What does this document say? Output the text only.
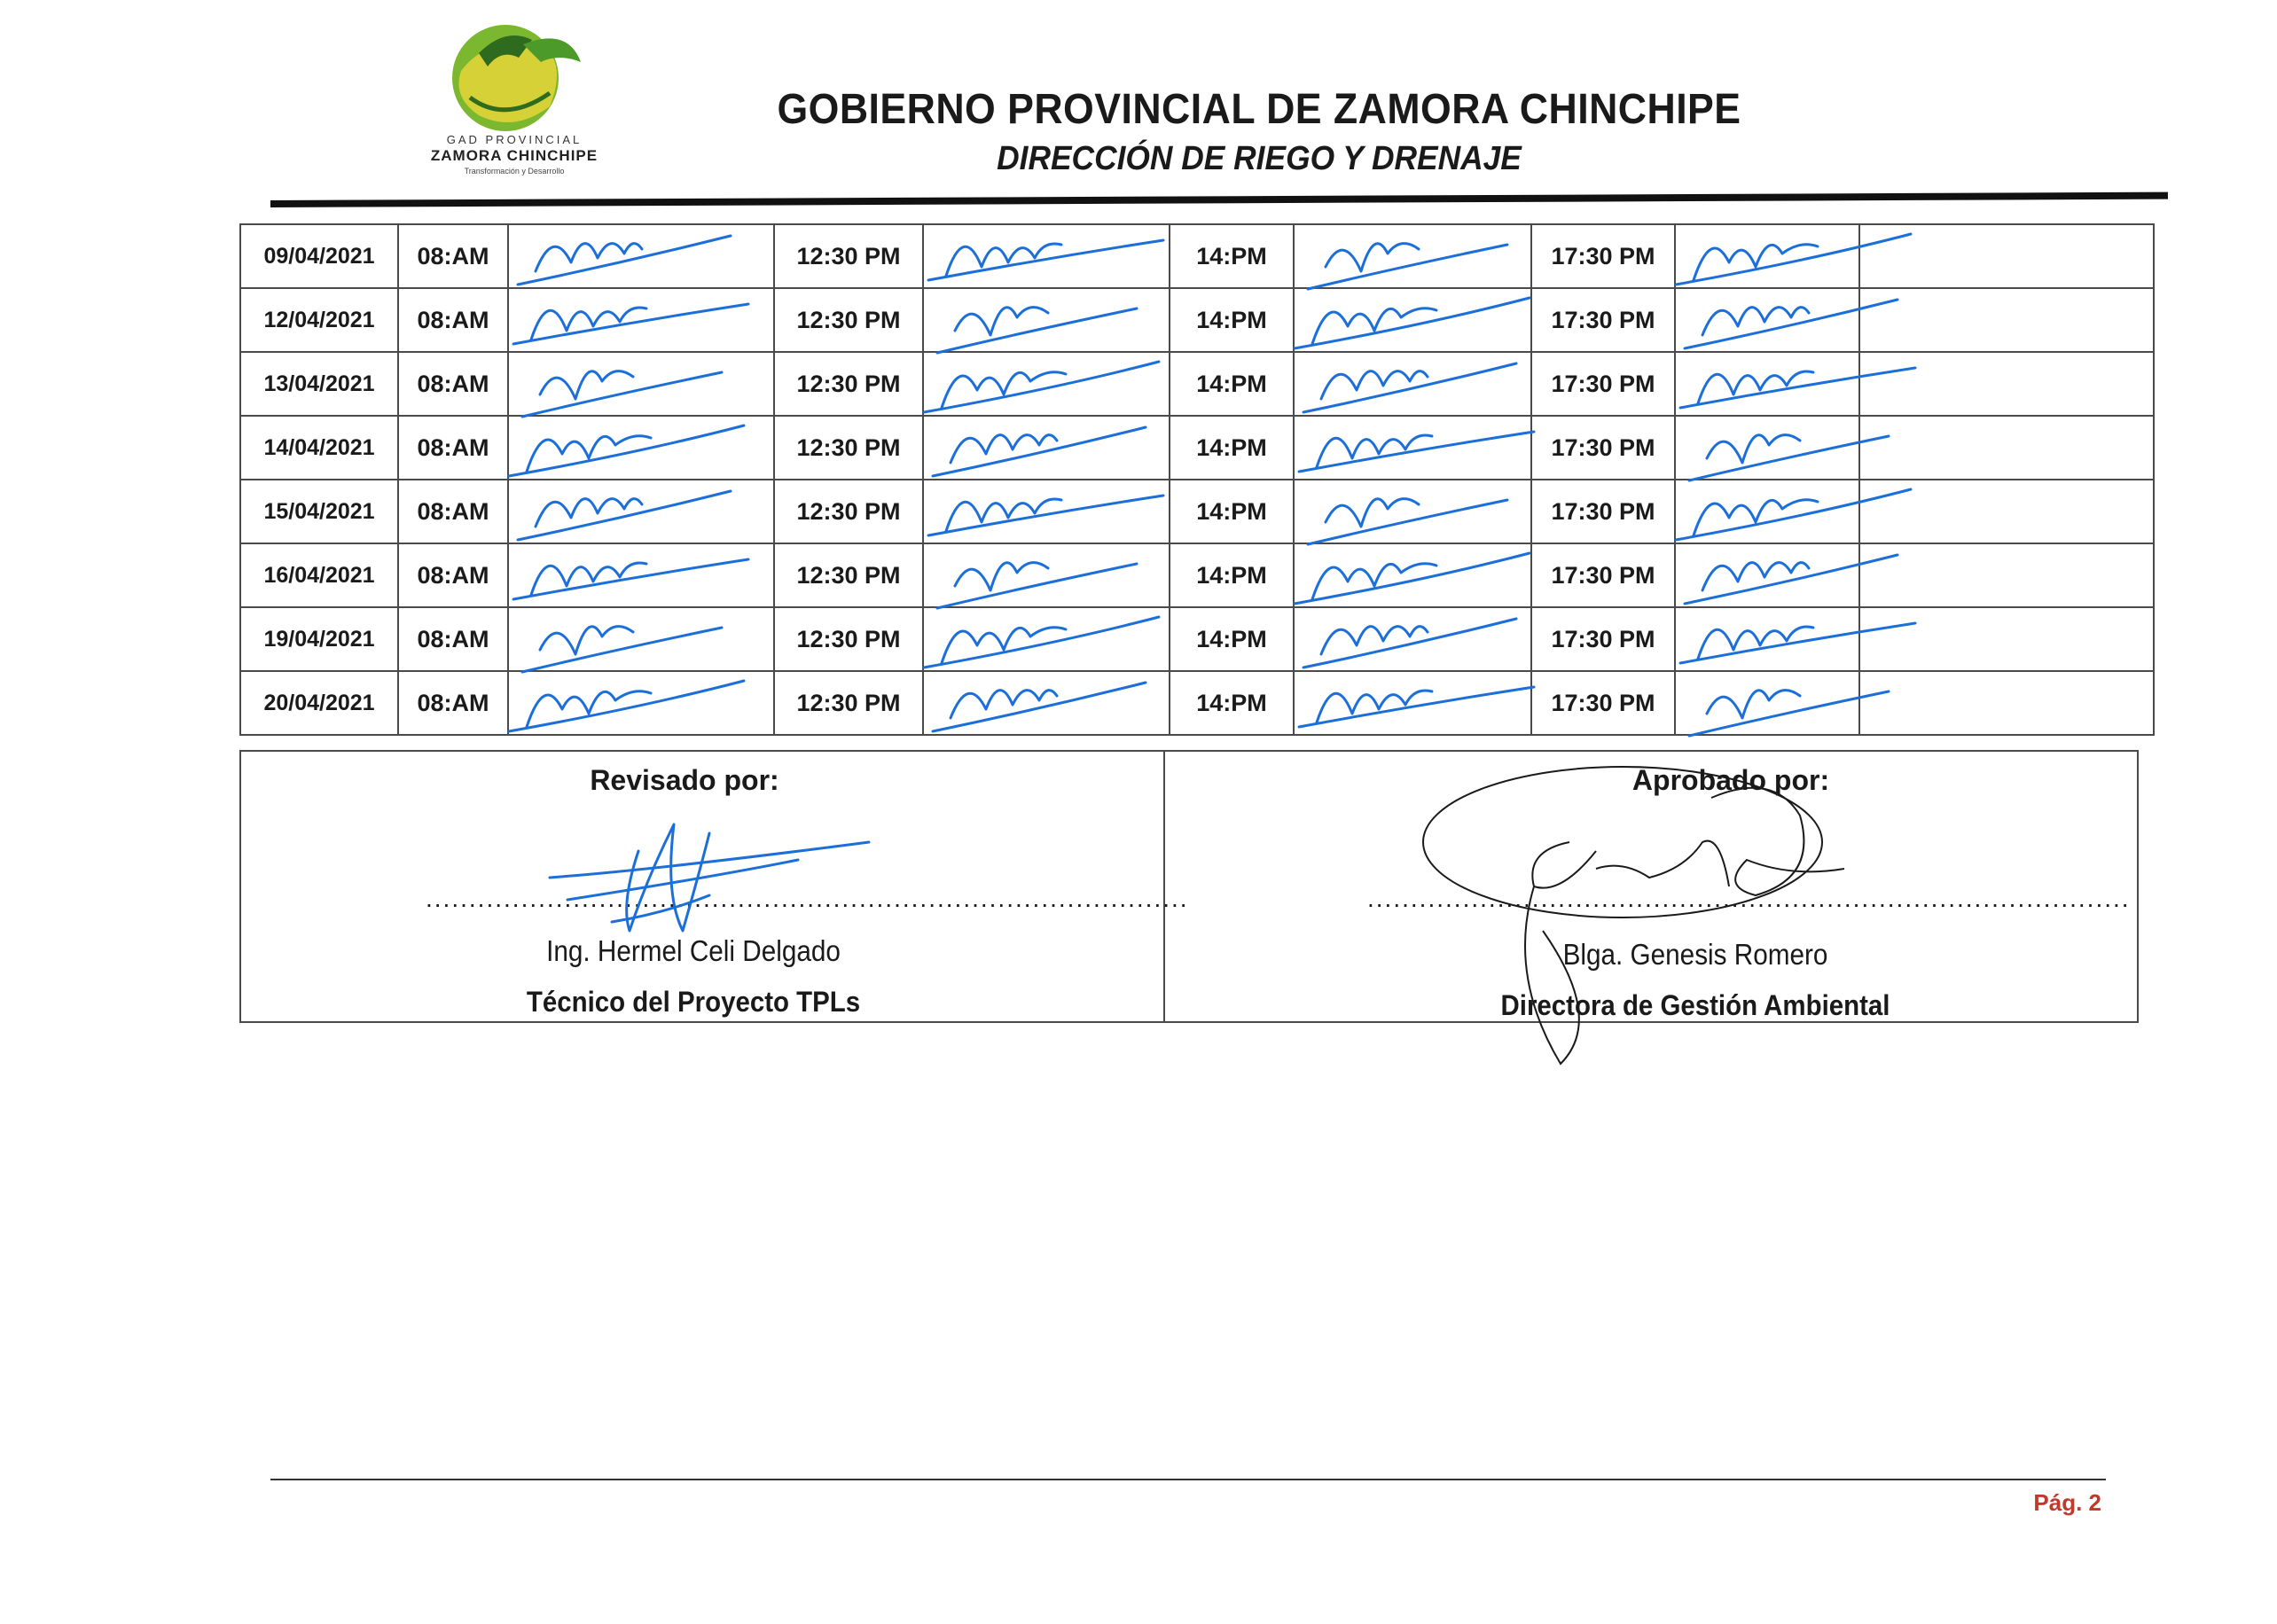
GAD PROVINCIAL
ZAMORA CHINCHIPE
Transformación y Desarrollo
GOBIERNO PROVINCIAL DE ZAMORA CHINCHIPE
DIRECCIÓN DE RIEGO Y DRENAJE
09/04/2021	08:AM		12:30 PM		14:PM		17:30 PM	

12/04/2021	08:AM		12:30 PM		14:PM		17:30 PM	

13/04/2021	08:AM		12:30 PM		14:PM		17:30 PM	

14/04/2021	08:AM		12:30 PM		14:PM		17:30 PM	

15/04/2021	08:AM		12:30 PM		14:PM		17:30 PM	

16/04/2021	08:AM		12:30 PM		14:PM		17:30 PM	

19/04/2021	08:AM		12:30 PM		14:PM		17:30 PM	

20/04/2021	08:AM		12:30 PM		14:PM		17:30 PM	

Revisado por:
........................................................................................
Ing. Hermel Celi Delgado
Técnico del Proyecto TPLs
Aprobado por:
........................................................................................
Blga. Genesis Romero
Directora de Gestión Ambiental
Pág. 2
